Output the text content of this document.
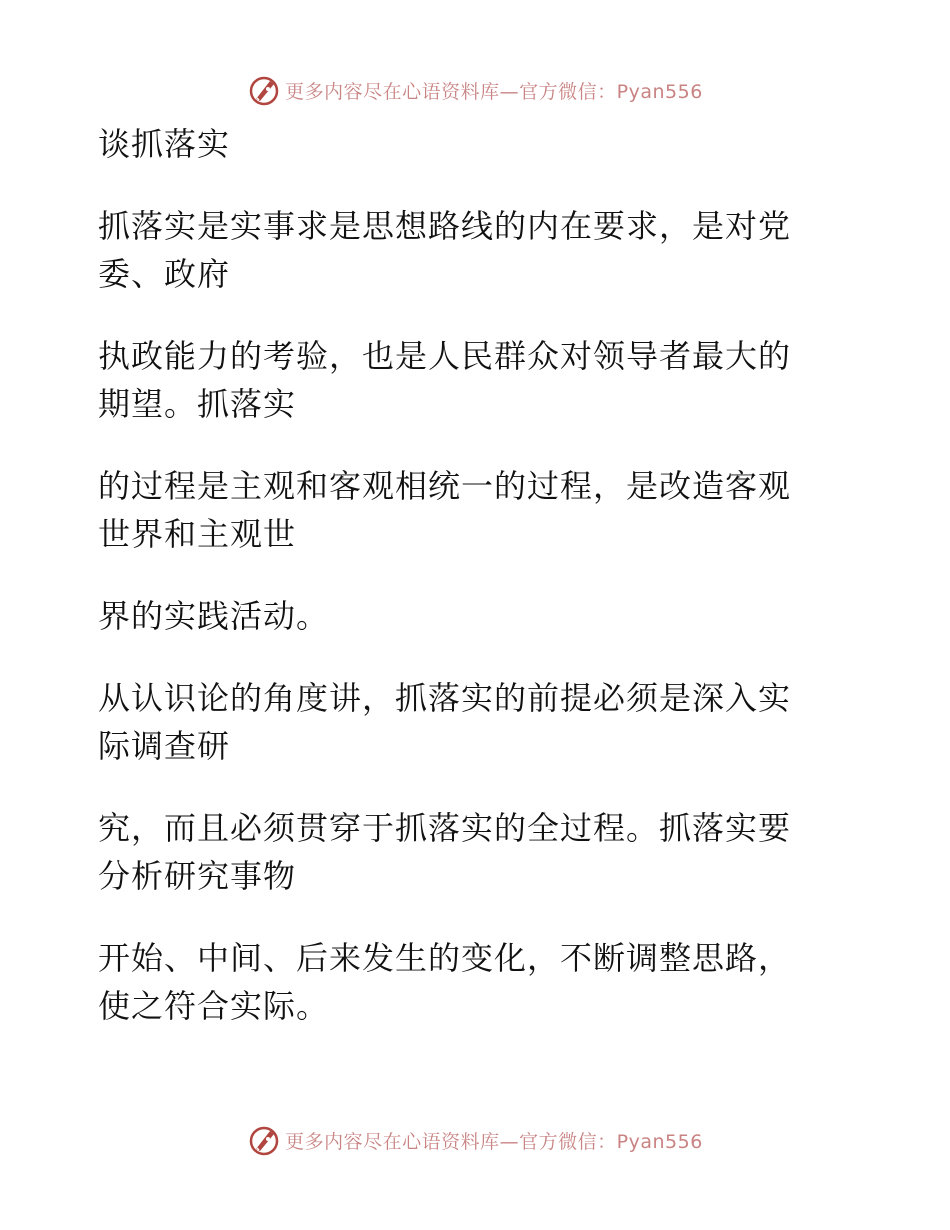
更多内容尽在心语资料库—官方微信：Pyan556
谈抓落实
抓落实是实事求是思想路线的内在要求，是对党
委、政府
执政能力的考验，也是人民群众对领导者最大的
期望。抓落实
的过程是主观和客观相统一的过程，是改造客观
世界和主观世
界的实践活动。
从认识论的角度讲，抓落实的前提必须是深入实
际调查研
究，而且必须贯穿于抓落实的全过程。抓落实要
分析研究事物
开始、中间、后来发生的变化，不断调整思路，
使之符合实际。
更多内容尽在心语资料库—官方微信：Pyan556
